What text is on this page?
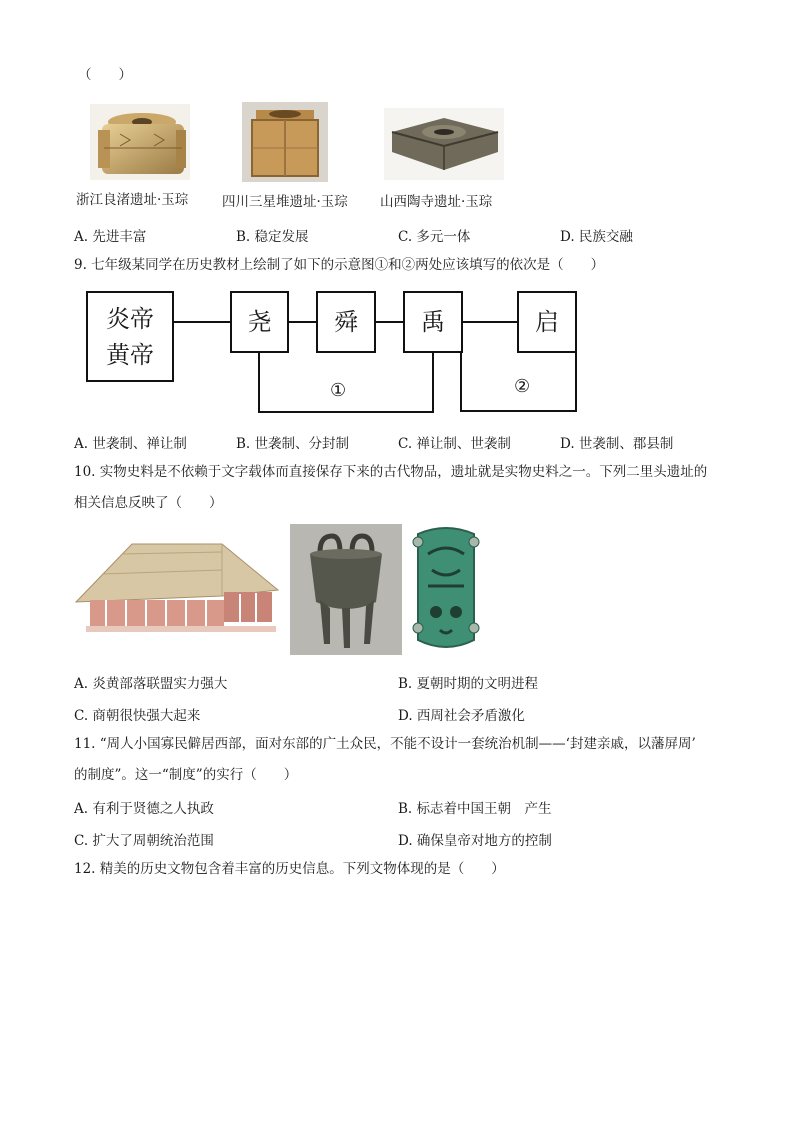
（　　）
浙江良渚遗址·玉琮 四川三星堆遗址·玉琮 山西陶寺遗址·玉琮
A. 先进丰富	B. 稳定发展	C. 多元一体	D. 民族交融
9. 七年级某同学在历史教材上绘制了如下的示意图①和②两处应该填写的依次是（　　）
炎帝
黄帝
尧	舜	禹	启
①	②
A. 世袭制、禅让制	B. 世袭制、分封制	C. 禅让制、世袭制	D. 世袭制、郡县制
10. 实物史料是不依赖于文字载体而直接保存下来的古代物品，遗址就是实物史料之一。下列二里头遗址的
相关信息反映了（　　）
A. 炎黄部落联盟实力强大	B. 夏朝时期的文明进程
C. 商朝很快强大起来	D. 西周社会矛盾激化
11. “周人小国寡民僻居西部，面对东部的广土众民，不能不设计一套统治机制——‘封建亲戚，以藩屏周’
的制度”。这一“制度”的实行（　　）
A. 有利于贤德之人执政	B. 标志着中国王朝　产生
C. 扩大了周朝统治范围	D. 确保皇帝对地方的控制
12. 精美的历史文物包含着丰富的历史信息。下列文物体现的是（　　）
